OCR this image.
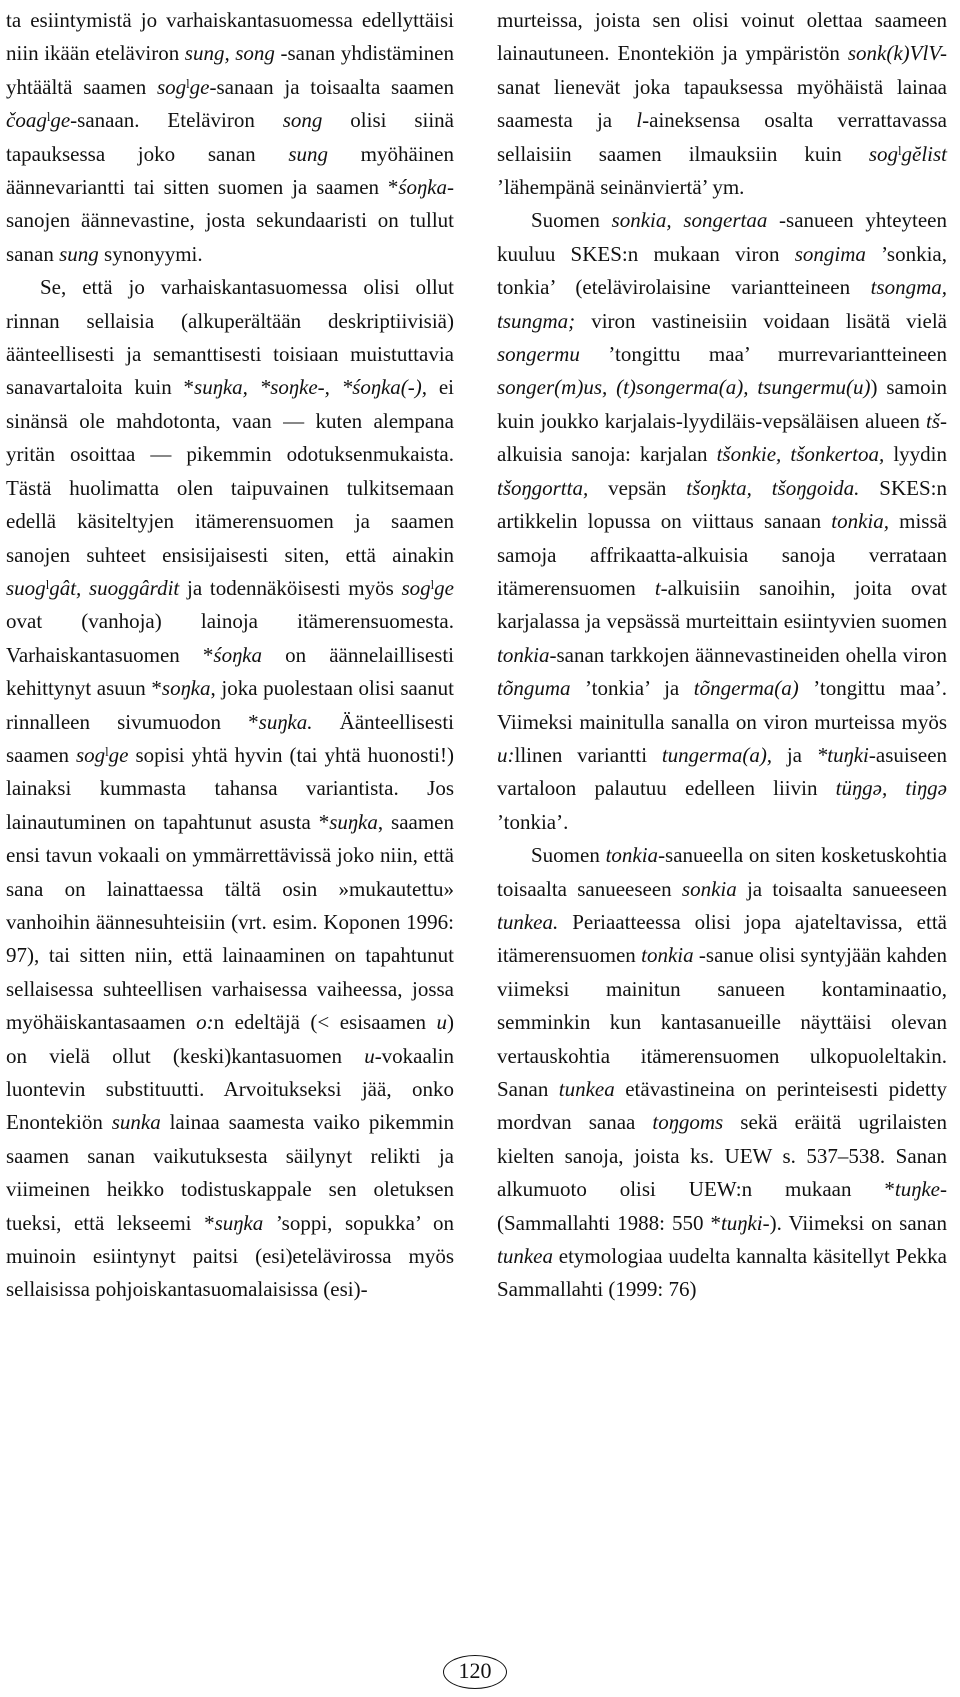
ta esiintymistä jo varhaiskantasuomessa edellyttäisi niin ikään eteläviron sung, song -sanan yhdistäminen yhtäältä saamen sogˡge-sanaan ja toisaalta saamen čoagˡge-sanaan. Eteläviron song olisi siinä tapauksessa joko sanan sung myöhäinen äännevariantti tai sitten suomen ja saamen *śoŋka-sanojen äännevastine, josta sekundaaristi on tullut sanan sung synonyymi.

Se, että jo varhaiskantasuomessa olisi ollut rinnan sellaisia (alkuperältään deskriptiivisiä) äänteellisesti ja semanttisesti toisiaan muistuttavia sanavartaloita kuin *suŋka, *soŋke-, *śoŋka(-), ei sinänsä ole mahdotonta, vaan — kuten alempana yritän osoittaa — pikemmin odotuksenmukaista. Tästä huolimatta olen taipuvainen tulkitsemaan edellä käsiteltyjen itämerensuomen ja saamen sanojen suhteet ensisijaisesti siten, että ainakin suogˡgât, suoggârdit ja todennäköisesti myös sogˡge ovat (vanhoja) lainoja itämerensuomesta. Varhaiskantasuomen *śoŋka on äännelaillisesti kehittynyt asuun *soŋka, joka puolestaan olisi saanut rinnalleen sivumuodon *suŋka. Äänteellisesti saamen sogˡge sopisi yhtä hyvin (tai yhtä huonosti!) lainaksi kummasta tahansa variantista. Jos lainautuminen on tapahtunut asusta *suŋka, saamen ensi tavun vokaali on ymmärrettävissä joko niin, että sana on lainattaessa tältä osin »mukautettu» vanhoihin äännesuhteisiin (vrt. esim. Koponen 1996: 97), tai sitten niin, että lainaaminen on tapahtunut sellaisessa suhteellisen varhaisessa vaiheessa, jossa myöhäiskantasaamen o:n edeltäjä (< esisaamen u) on vielä ollut (keski)kantasuomen u-vokaalin luontevin substituutti. Arvoitukseksi jää, onko Enontekiön sunka lainaa saamesta vaiko pikemmin saamen sanan vaikutuksesta säilynyt relikti ja viimeinen heikko todistuskappale sen oletuksen tueksi, että lekseemi *suŋka ’soppi, sopukka’ on muinoin esiintynyt paitsi (esi)etelävirossa myös sellaisissa pohjoiskantasuomalaisissa (esi)-

murteissa, joista sen olisi voinut olettaa saameen lainautuneen. Enontekiön ja ympäristön sonk(k)VlV- sanat lienevät joka tapauksessa myöhäistä lainaa saamesta ja l-aineksensa osalta verrattavassa sellaisiin saamen ilmauksiin kuin sogˡgĕlist ’lähempänä seinänviertä’ ym.

Suomen sonkia, songertaa -sanueen yhteyteen kuuluu SKES:n mukaan viron songima ’sonkia, tonkia’ (etelävirolaisine variantteineen tsongma, tsungma; viron vastineisiin voidaan lisätä vielä songermu ’tongittu maa’ murrevariantteineen songer(m)us, (t)songerma(a), tsungermu(u)) samoin kuin joukko karjalais-lyydiläis-vepsäläisen alueen tš-alkuisia sanoja: karjalan tšonkie, tšonkertoa, lyydin tšoŋgortta, vepsän tšoŋkta, tšoŋgoida. SKES:n artikkelin lopussa on viittaus sanaan tonkia, missä samoja affrikaatta-alkuisia sanoja verrataan itämerensuomen t-alkuisiin sanoihin, joita ovat karjalassa ja vepsässä murteittain esiintyvien suomen tonkia-sanan tarkkojen äännevastineiden ohella viron tõnguma ’tonkia’ ja tõngerma(a) ’tongittu maa’. Viimeksi mainitulla sanalla on viron murteissa myös u:llinen variantti tungerma(a), ja *tuŋki-asuiseen vartaloon palautuu edelleen liivin tüŋgə, tiŋgə ’tonkia’.

Suomen tonkia-sanueella on siten kosketuskohtia toisaalta sanueeseen sonkia ja toisaalta sanueeseen tunkea. Periaatteessa olisi jopa ajateltavissa, että itämerensuomen tonkia -sanue olisi syntyjään kahden viimeksi mainitun sanueen kontaminaatio, semminkin kun kantasanueille näyttäisi olevan vertauskohtia itämerensuomen ulkopuoleltakin. Sanan tunkea etävastineina on perinteisesti pidetty mordvan sanaa toŋgoms sekä eräitä ugrilaisten kielten sanoja, joista ks. UEW s. 537–538. Sanan alkumuoto olisi UEW:n mukaan *tuŋke- (Sammallahti 1988: 550 *tuŋki-). Viimeksi on sanan tunkea etymologiaa uudelta kannalta käsitellyt Pekka Sammallahti (1999: 76)

120
